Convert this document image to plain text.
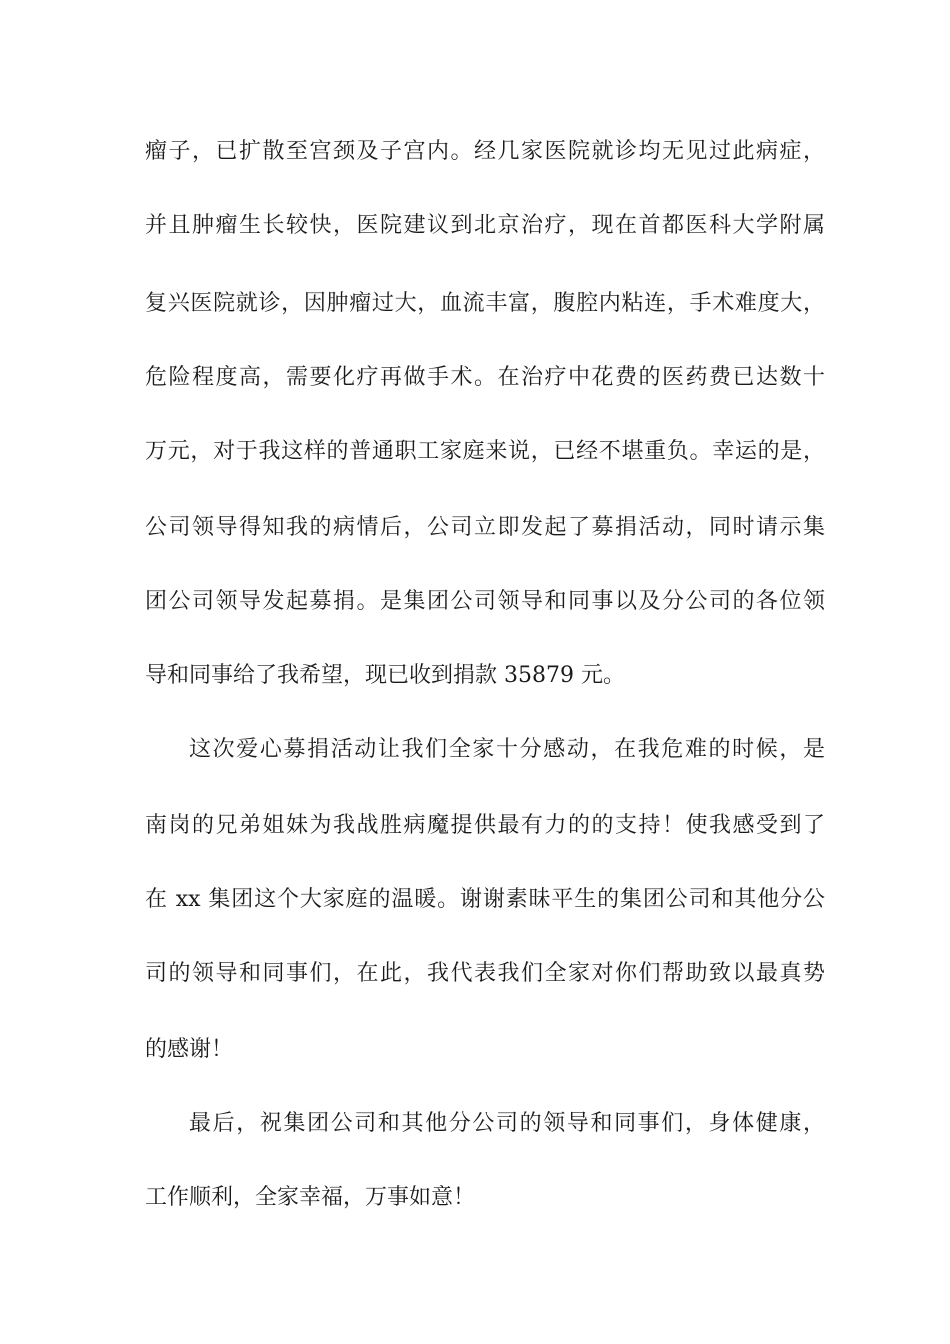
瘤子，已扩散至宫颈及子宫内。经几家医院就诊均无见过此病症，

并且肿瘤生长较快，医院建议到北京治疗，现在首都医科大学附属

复兴医院就诊，因肿瘤过大，血流丰富，腹腔内粘连，手术难度大，

危险程度高，需要化疗再做手术。在治疗中花费的医药费已达数十

万元，对于我这样的普通职工家庭来说，已经不堪重负。幸运的是，

公司领导得知我的病情后，公司立即发起了募捐活动，同时请示集

团公司领导发起募捐。是集团公司领导和同事以及分公司的各位领

导和同事给了我希望，现已收到捐款 35879 元。

这次爱心募捐活动让我们全家十分感动，在我危难的时候，是

南岗的兄弟姐妹为我战胜病魔提供最有力的的支持！使我感受到了

在 xx 集团这个大家庭的温暖。谢谢素昧平生的集团公司和其他分公

司的领导和同事们，在此，我代表我们全家对你们帮助致以最真势

的感谢！

最后，祝集团公司和其他分公司的领导和同事们，身体健康，

工作顺利，全家幸福，万事如意！
